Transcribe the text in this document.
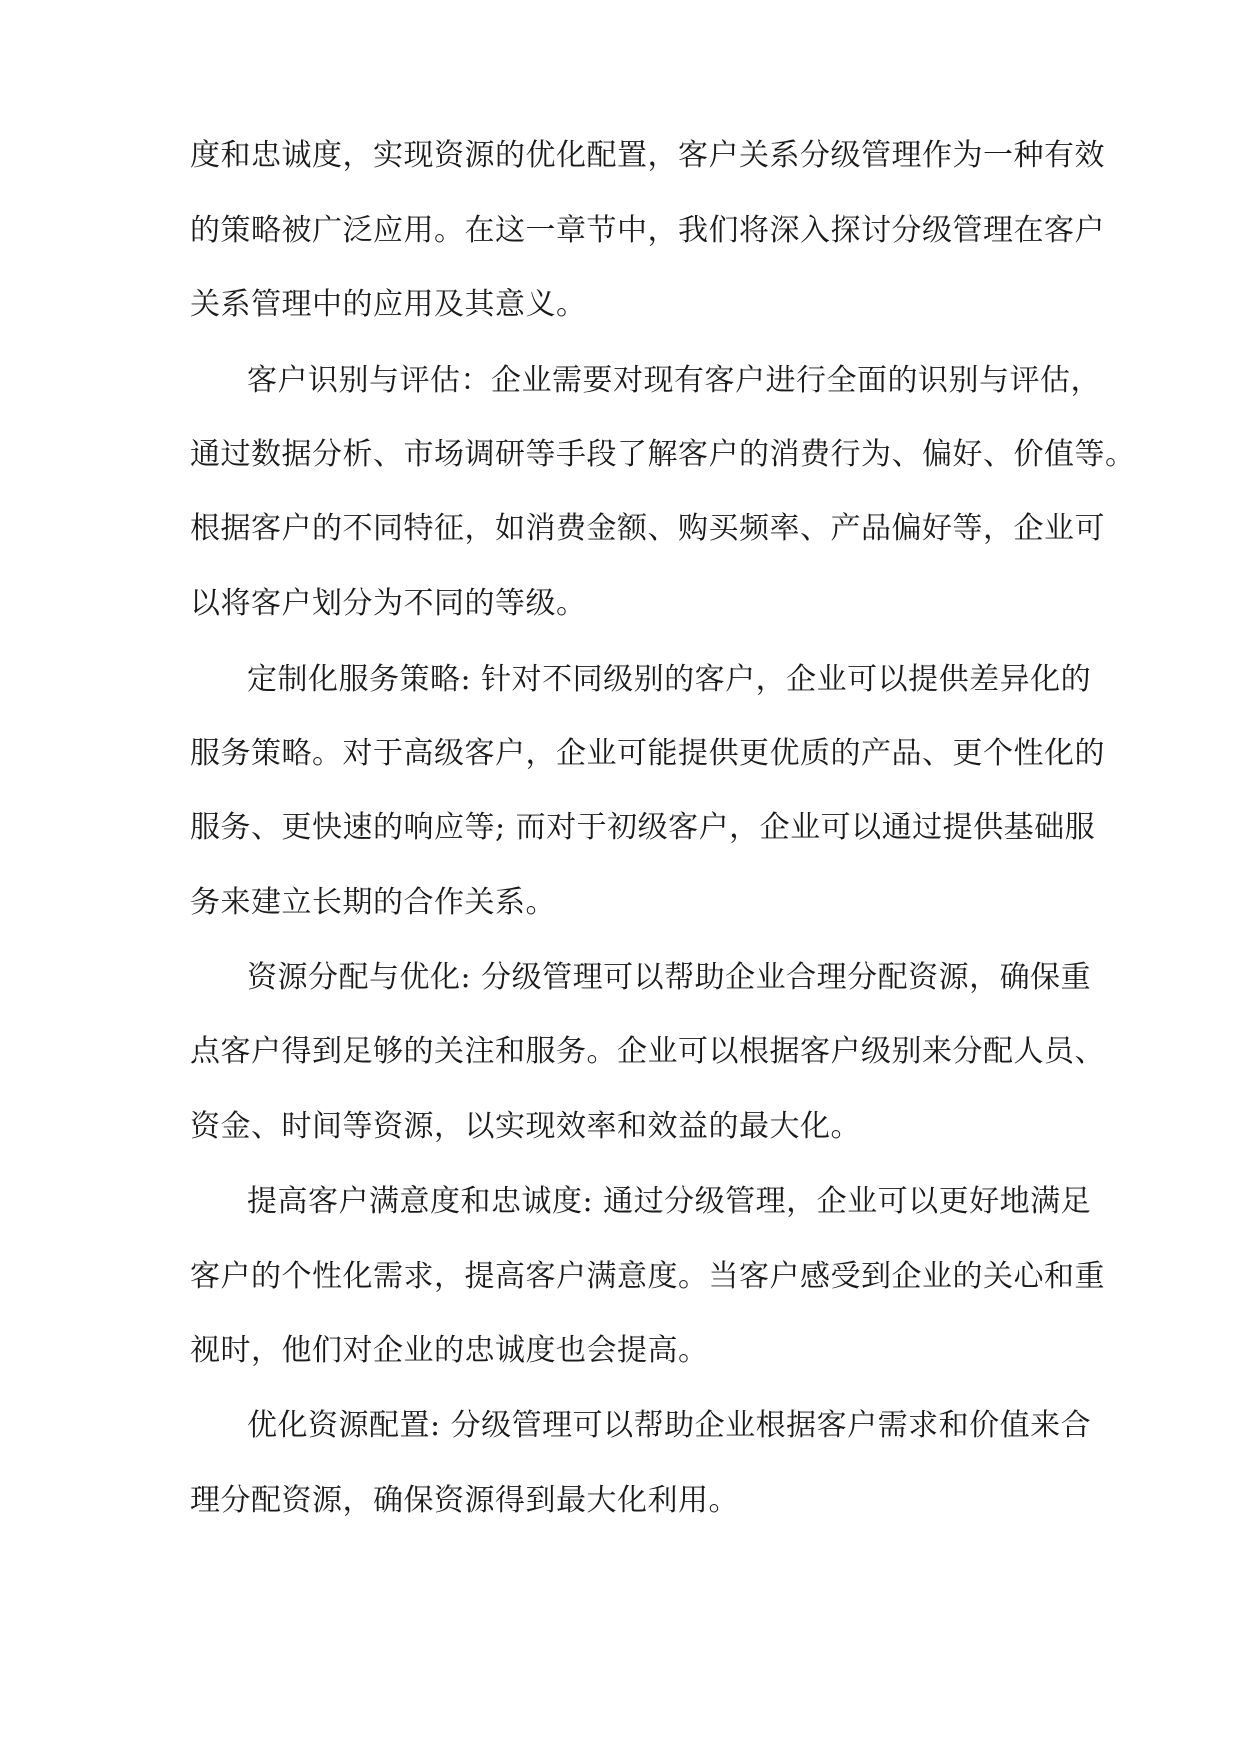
度和忠诚度，实现资源的优化配置，客户关系分级管理作为一种有效
的策略被广泛应用。在这一章节中，我们将深入探讨分级管理在客户
关系管理中的应用及其意义。
客户识别与评估：企业需要对现有客户进行全面的识别与评估，
通过数据分析、市场调研等手段了解客户的消费行为、偏好、价值等。
根据客户的不同特征，如消费金额、购买频率、产品偏好等，企业可
以将客户划分为不同的等级。
定制化服务策略: 针对不同级别的客户，企业可以提供差异化的
服务策略。对于高级客户，企业可能提供更优质的产品、更个性化的
服务、更快速的响应等; 而对于初级客户，企业可以通过提供基础服
务来建立长期的合作关系。
资源分配与优化: 分级管理可以帮助企业合理分配资源，确保重
点客户得到足够的关注和服务。企业可以根据客户级别来分配人员、
资金、时间等资源，以实现效率和效益的最大化。
提高客户满意度和忠诚度: 通过分级管理，企业可以更好地满足
客户的个性化需求，提高客户满意度。当客户感受到企业的关心和重
视时，他们对企业的忠诚度也会提高。
优化资源配置: 分级管理可以帮助企业根据客户需求和价值来合
理分配资源，确保资源得到最大化利用。
